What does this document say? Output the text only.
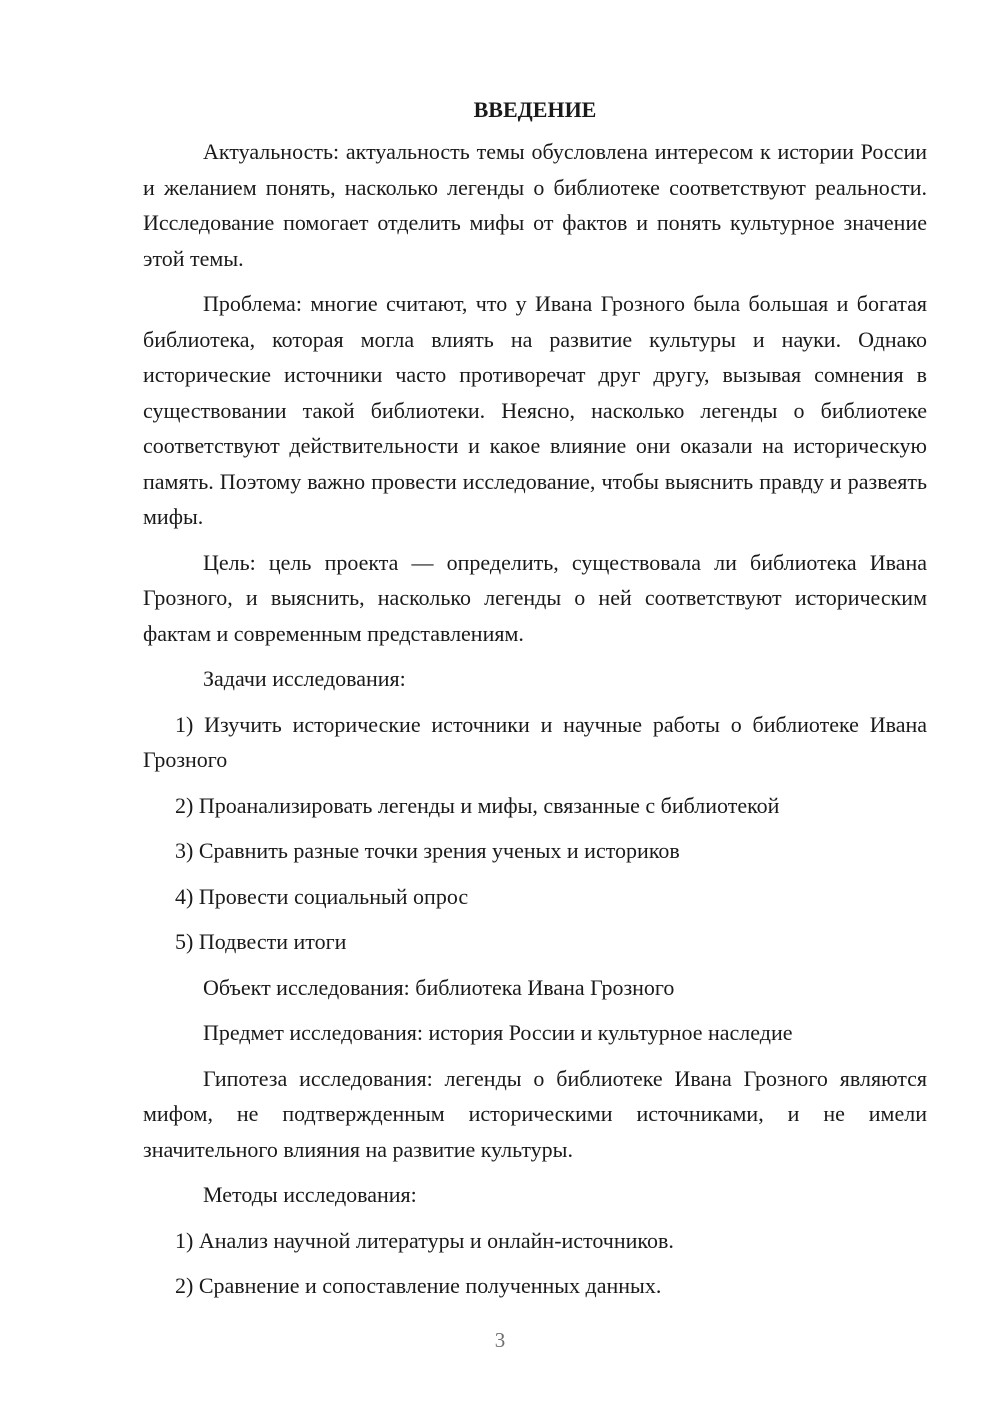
ВВЕДЕНИЕ

Актуальность: актуальность темы обусловлена интересом к истории России и желанием понять, насколько легенды о библиотеке соответствуют реальности. Исследование помогает отделить мифы от фактов и понять культурное значение этой темы.

Проблема: многие считают, что у Ивана Грозного была большая и богатая библиотека, которая могла влиять на развитие культуры и науки. Однако исторические источники часто противоречат друг другу, вызывая сомнения в существовании такой библиотеки. Неясно, насколько легенды о библиотеке соответствуют действительности и какое влияние они оказали на историческую память. Поэтому важно провести исследование, чтобы выяснить правду и развеять мифы.

Цель: цель проекта — определить, существовала ли библиотека Ивана Грозного, и выяснить, насколько легенды о ней соответствуют историческим фактам и современным представлениям.

Задачи исследования:

1) Изучить исторические источники и научные работы о библиотеке Ивана Грозного

2) Проанализировать легенды и мифы, связанные с библиотекой

3) Сравнить разные точки зрения ученых и историков

4) Провести социальный опрос

5) Подвести итоги

Объект исследования: библиотека Ивана Грозного

Предмет исследования: история России и культурное наследие

Гипотеза исследования: легенды о библиотеке Ивана Грозного являются мифом, не подтвержденным историческими источниками, и не имели значительного влияния на развитие культуры.

Методы исследования:

1) Анализ научной литературы и онлайн-источников.

2) Сравнение и сопоставление полученных данных.

3
